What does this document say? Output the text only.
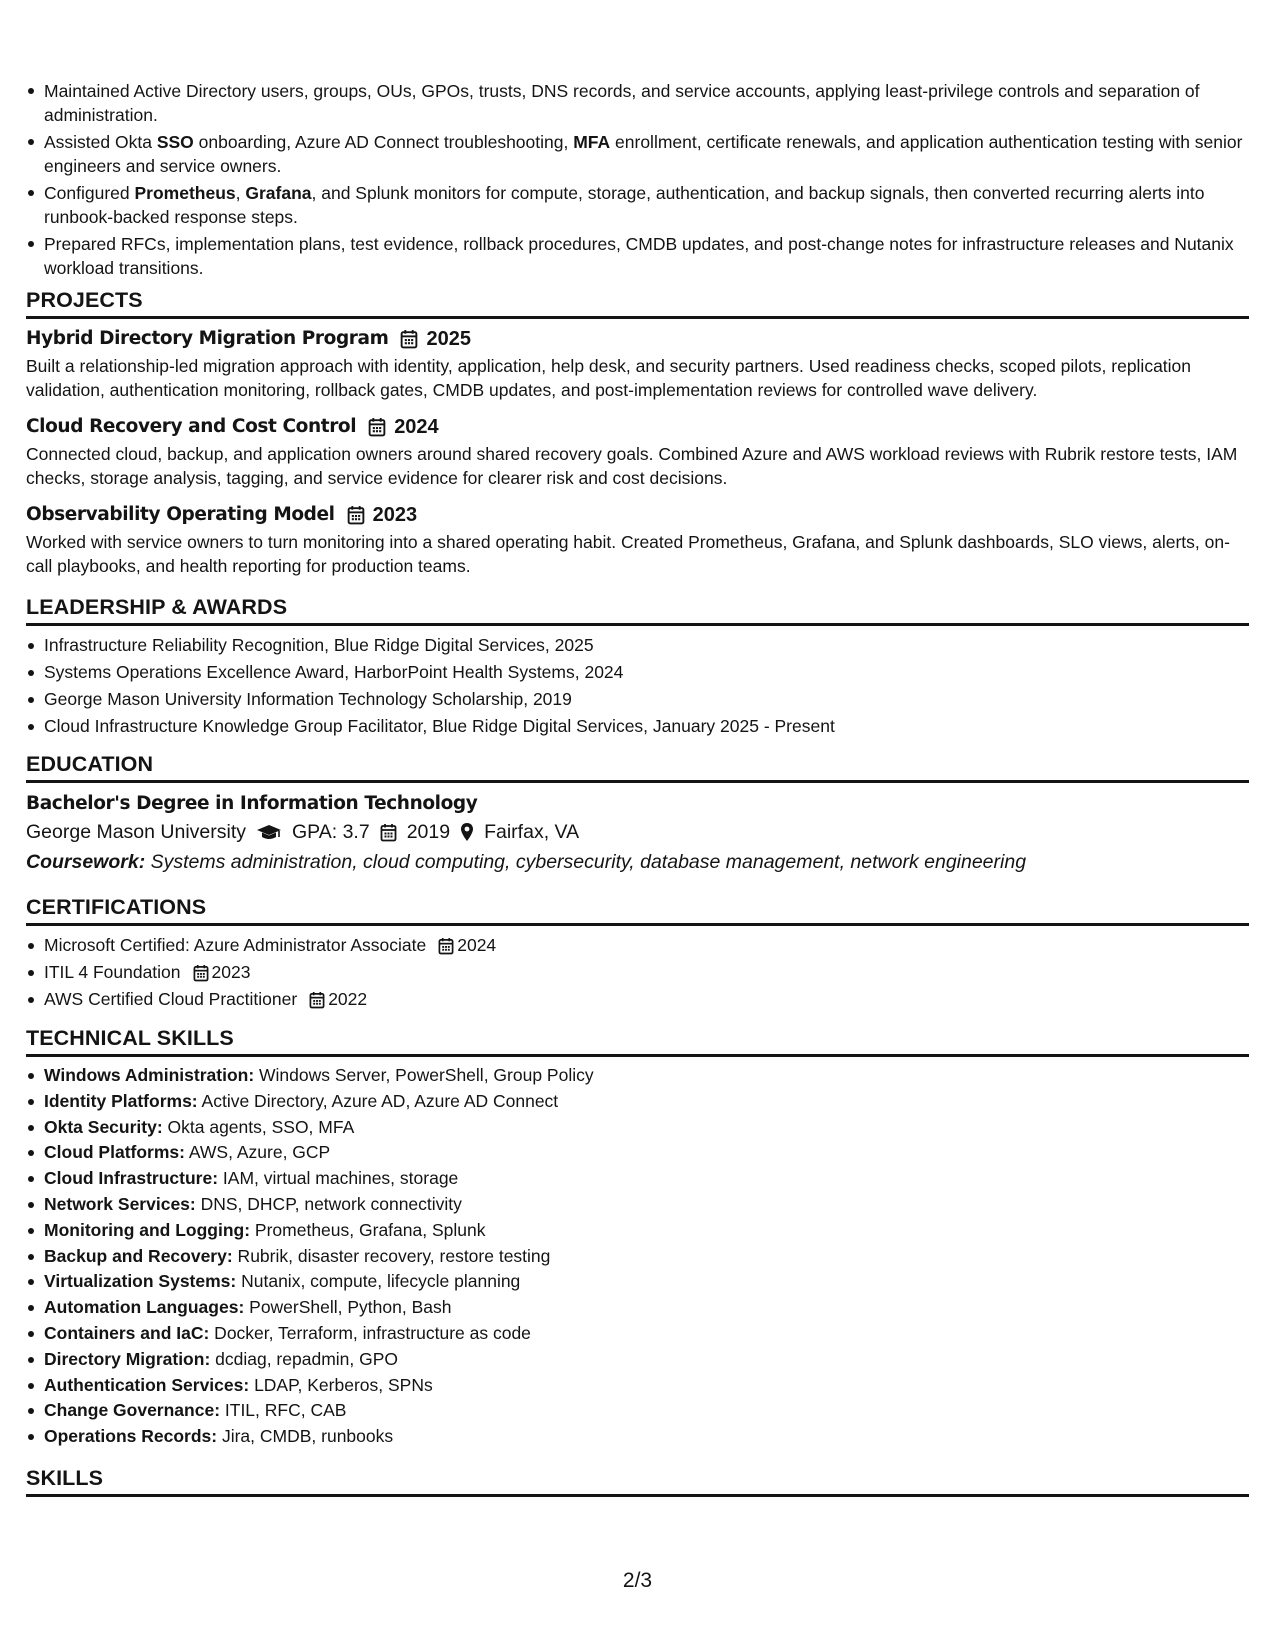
Maintained Active Directory users, groups, OUs, GPOs, trusts, DNS records, and service accounts, applying least-privilege controls and separation of administration.
Assisted Okta SSO onboarding, Azure AD Connect troubleshooting, MFA enrollment, certificate renewals, and application authentication testing with senior engineers and service owners.
Configured Prometheus, Grafana, and Splunk monitors for compute, storage, authentication, and backup signals, then converted recurring alerts into runbook-backed response steps.
Prepared RFCs, implementation plans, test evidence, rollback procedures, CMDB updates, and post-change notes for infrastructure releases and Nutanix workload transitions.
PROJECTS
Hybrid Directory Migration Program 2025

Built a relationship-led migration approach with identity, application, help desk, and security partners. Used readiness checks, scoped pilots, replication validation, authentication monitoring, rollback gates, CMDB updates, and post-implementation reviews for controlled wave delivery.

Cloud Recovery and Cost Control 2024

Connected cloud, backup, and application owners around shared recovery goals. Combined Azure and AWS workload reviews with Rubrik restore tests, IAM checks, storage analysis, tagging, and service evidence for clearer risk and cost decisions.

Observability Operating Model 2023

Worked with service owners to turn monitoring into a shared operating habit. Created Prometheus, Grafana, and Splunk dashboards, SLO views, alerts, on-call playbooks, and health reporting for production teams.

LEADERSHIP & AWARDS
Infrastructure Reliability Recognition, Blue Ridge Digital Services, 2025
Systems Operations Excellence Award, HarborPoint Health Systems, 2024
George Mason University Information Technology Scholarship, 2019
Cloud Infrastructure Knowledge Group Facilitator, Blue Ridge Digital Services, January 2025 - Present
EDUCATION
Bachelor's Degree in Information Technology
George Mason University GPA: 3.7 2019 Fairfax, VA
Coursework: Systems administration, cloud computing, cybersecurity, database management, network engineering
CERTIFICATIONS
Microsoft Certified: Azure Administrator Associate 2024
ITIL 4 Foundation 2023
AWS Certified Cloud Practitioner 2022
TECHNICAL SKILLS
Windows Administration: Windows Server, PowerShell, Group Policy
Identity Platforms: Active Directory, Azure AD, Azure AD Connect
Okta Security: Okta agents, SSO, MFA
Cloud Platforms: AWS, Azure, GCP
Cloud Infrastructure: IAM, virtual machines, storage
Network Services: DNS, DHCP, network connectivity
Monitoring and Logging: Prometheus, Grafana, Splunk
Backup and Recovery: Rubrik, disaster recovery, restore testing
Virtualization Systems: Nutanix, compute, lifecycle planning
Automation Languages: PowerShell, Python, Bash
Containers and IaC: Docker, Terraform, infrastructure as code
Directory Migration: dcdiag, repadmin, GPO
Authentication Services: LDAP, Kerberos, SPNs
Change Governance: ITIL, RFC, CAB
Operations Records: Jira, CMDB, runbooks
SKILLS
2/3
